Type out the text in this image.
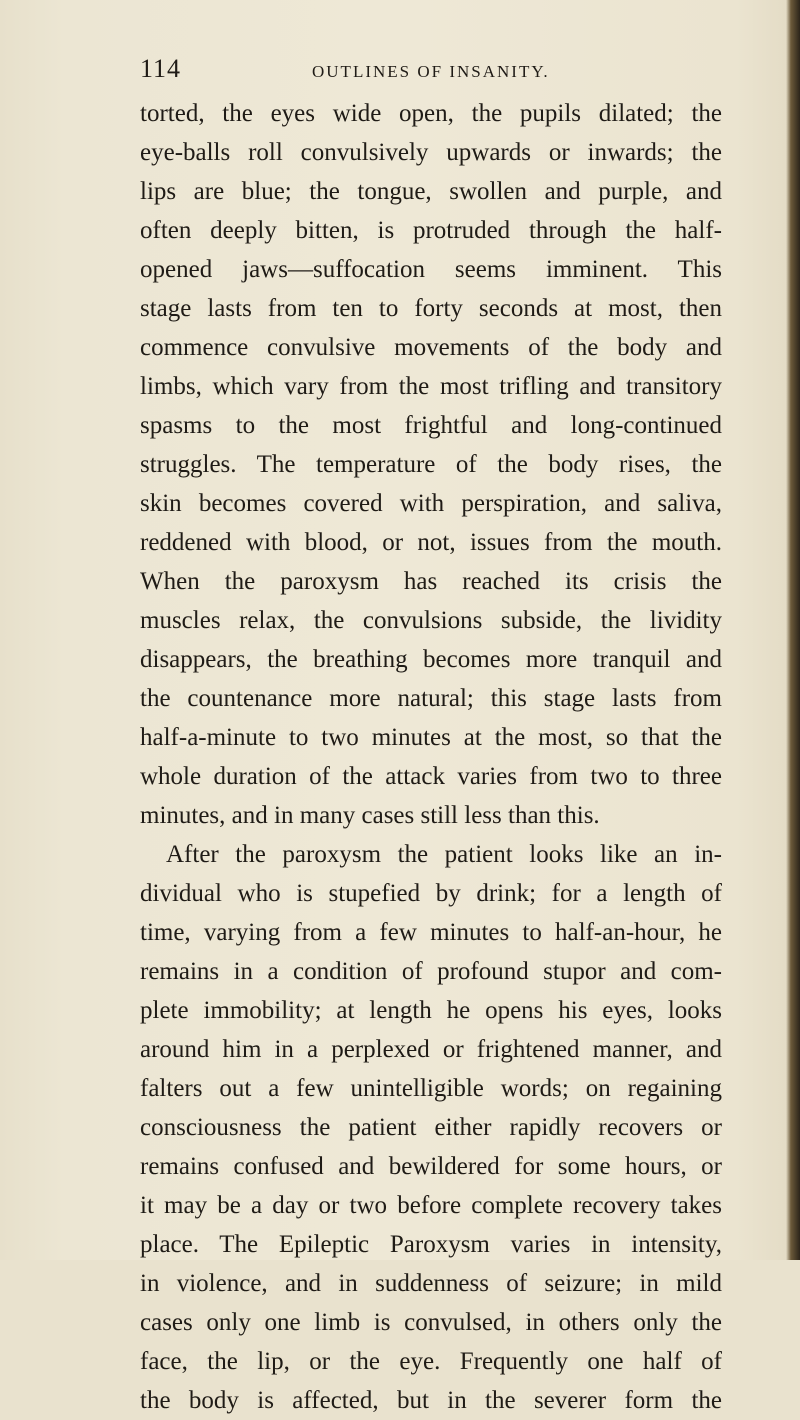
114	OUTLINES OF INSANITY.
torted, the eyes wide open, the pupils dilated; the
eye-balls roll convulsively upwards or inwards; the
lips are blue; the tongue, swollen and purple, and
often deeply bitten, is protruded through the half-
opened jaws—suffocation seems imminent. This
stage lasts from ten to forty seconds at most, then
commence convulsive movements of the body and
limbs, which vary from the most trifling and transitory
spasms to the most frightful and long-continued
struggles. The temperature of the body rises, the
skin becomes covered with perspiration, and saliva,
reddened with blood, or not, issues from the mouth.
When the paroxysm has reached its crisis the
muscles relax, the convulsions subside, the lividity
disappears, the breathing becomes more tranquil and
the countenance more natural; this stage lasts from
half-a-minute to two minutes at the most, so that the
whole duration of the attack varies from two to three
minutes, and in many cases still less than this.
After the paroxysm the patient looks like an in-
dividual who is stupefied by drink; for a length of
time, varying from a few minutes to half-an-hour, he
remains in a condition of profound stupor and com-
plete immobility; at length he opens his eyes, looks
around him in a perplexed or frightened manner, and
falters out a few unintelligible words; on regaining
consciousness the patient either rapidly recovers or
remains confused and bewildered for some hours, or
it may be a day or two before complete recovery takes
place. The Epileptic Paroxysm varies in intensity,
in violence, and in suddenness of seizure; in mild
cases only one limb is convulsed, in others only the
face, the lip, or the eye. Frequently one half of
the body is affected, but in the severer form the
